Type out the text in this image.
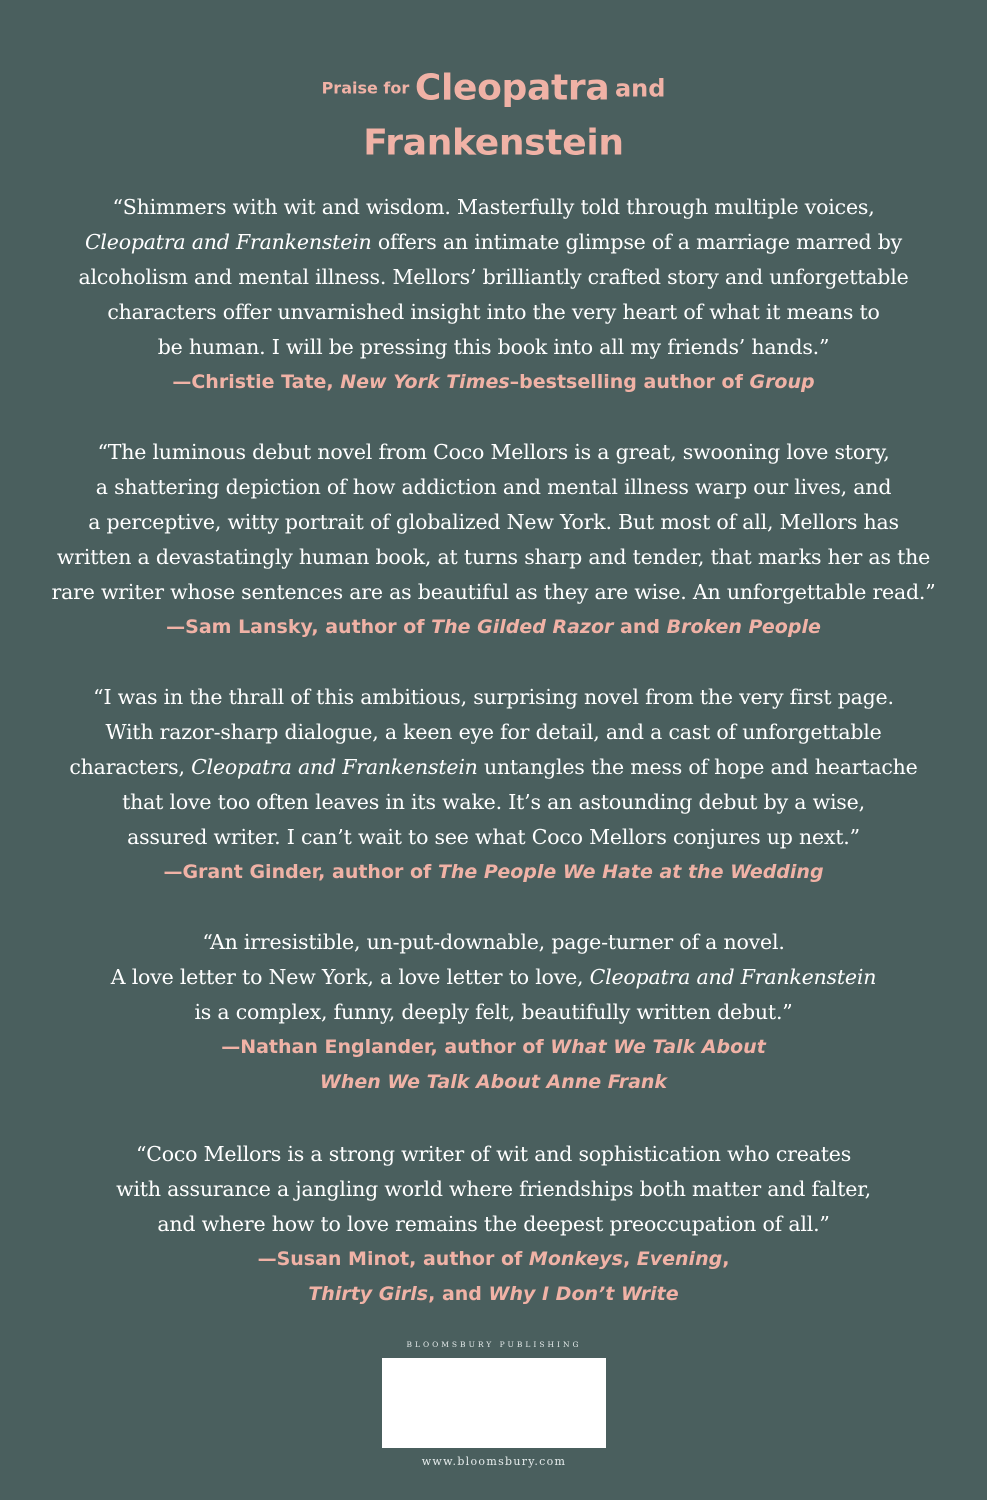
Praise for Cleopatra and
Frankenstein
“Shimmers with wit and wisdom. Masterfully told through multiple voices,
Cleopatra and Frankenstein offers an intimate glimpse of a marriage marred by
alcoholism and mental illness. Mellors’ brilliantly crafted story and unforgettable
characters offer unvarnished insight into the very heart of what it means to
be human. I will be pressing this book into all my friends’ hands.”
—Christie Tate, New York Times–bestselling author of Group
“The luminous debut novel from Coco Mellors is a great, swooning love story,
a shattering depiction of how addiction and mental illness warp our lives, and
a perceptive, witty portrait of globalized New York. But most of all, Mellors has
written a devastatingly human book, at turns sharp and tender, that marks her as the
rare writer whose sentences are as beautiful as they are wise. An unforgettable read.”
—Sam Lansky, author of The Gilded Razor and Broken People
“I was in the thrall of this ambitious, surprising novel from the very first page.
With razor-sharp dialogue, a keen eye for detail, and a cast of unforgettable
characters, Cleopatra and Frankenstein untangles the mess of hope and heartache
that love too often leaves in its wake. It’s an astounding debut by a wise,
assured writer. I can’t wait to see what Coco Mellors conjures up next.”
—Grant Ginder, author of The People We Hate at the Wedding
“An irresistible, un-put-downable, page-turner of a novel.
A love letter to New York, a love letter to love, Cleopatra and Frankenstein
is a complex, funny, deeply felt, beautifully written debut.”
—Nathan Englander, author of What We Talk About
When We Talk About Anne Frank
“Coco Mellors is a strong writer of wit and sophistication who creates
with assurance a jangling world where friendships both matter and falter,
and where how to love remains the deepest preoccupation of all.”
—Susan Minot, author of Monkeys, Evening,
Thirty Girls, and Why I Don’t Write
BLOOMSBURY PUBLISHING
www.bloomsbury.com
